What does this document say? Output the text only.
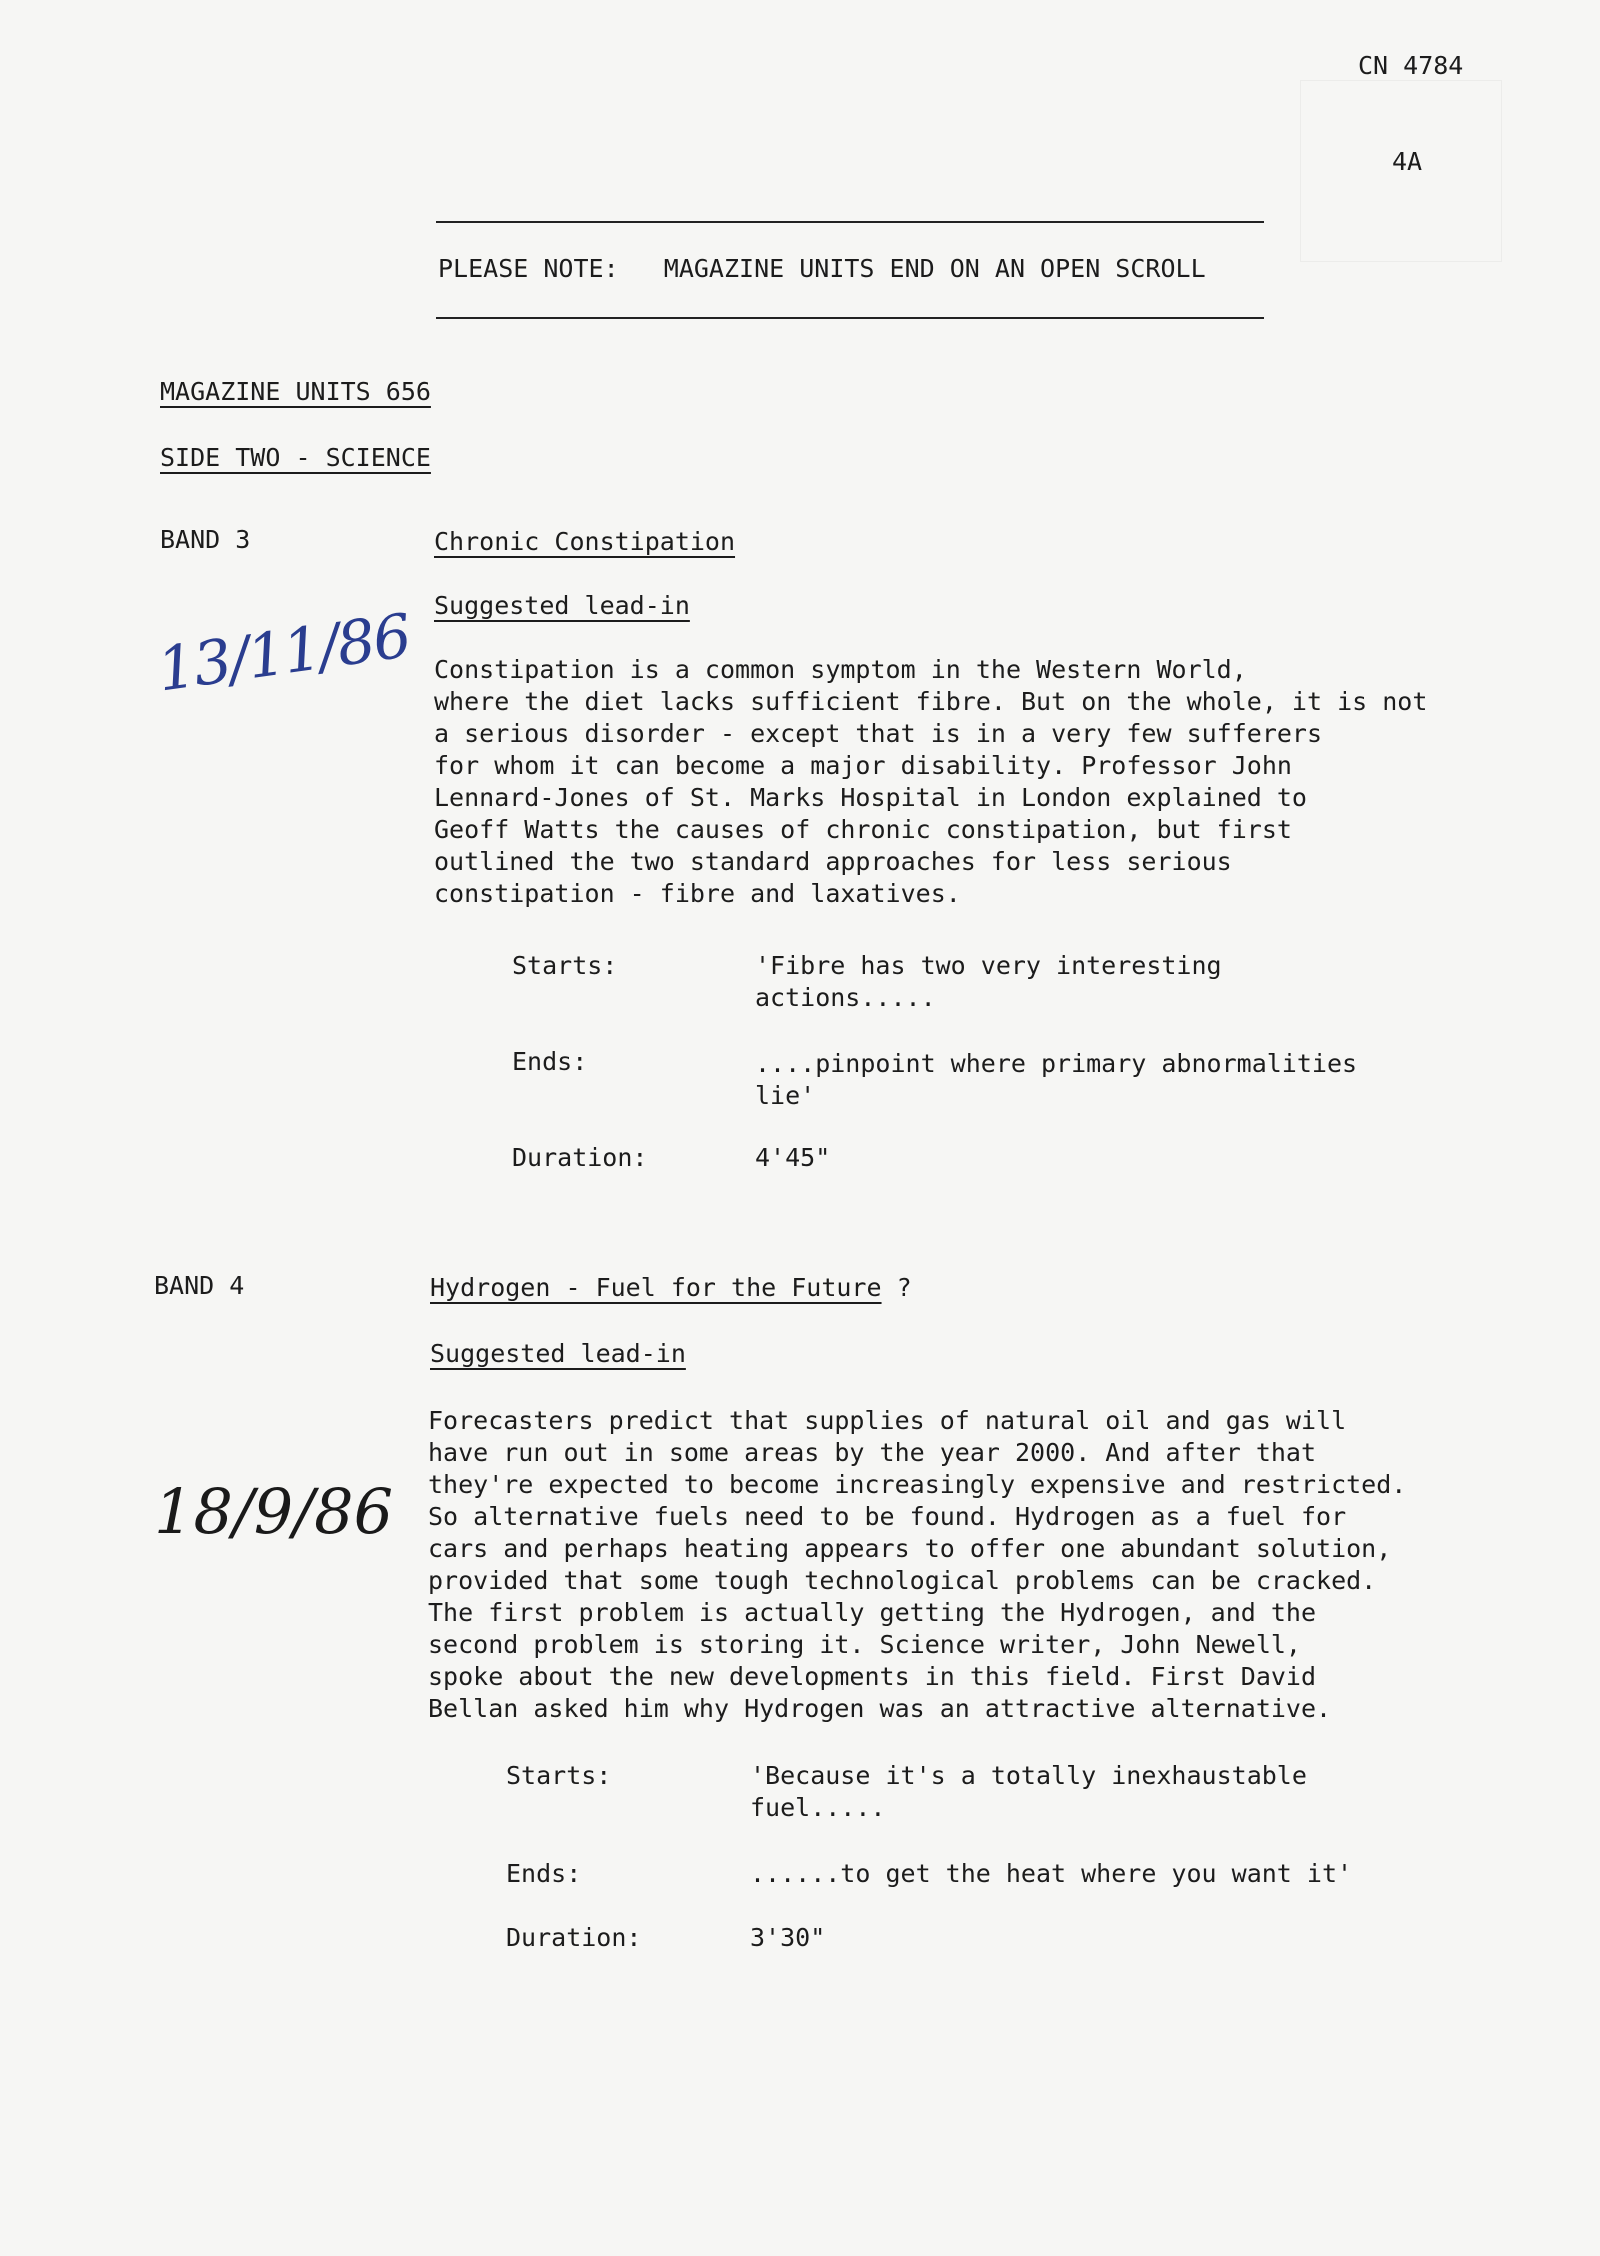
CN 4784
4A
PLEASE NOTE:   MAGAZINE UNITS END ON AN OPEN SCROLL
MAGAZINE UNITS 656
SIDE TWO - SCIENCE
BAND 3	Chronic Constipation
Suggested lead-in
13/11/86 Constipation is a common symptom in the Western World,
where the diet lacks sufficient fibre. But on the whole, it is not
a serious disorder - except that is in a very few sufferers
for whom it can become a major disability. Professor John
Lennard-Jones of St. Marks Hospital in London explained to
Geoff Watts the causes of chronic constipation, but first
outlined the two standard approaches for less serious
constipation - fibre and laxatives.
Starts:	'Fibre has two very interesting
actions.....
Ends:	....pinpoint where primary abnormalities
lie'
Duration:	4'45"
BAND 4	Hydrogen - Fuel for the Future ?
Suggested lead-in
18/9/86
Forecasters predict that supplies of natural oil and gas will
have run out in some areas by the year 2000. And after that
they're expected to become increasingly expensive and restricted.
So alternative fuels need to be found. Hydrogen as a fuel for
cars and perhaps heating appears to offer one abundant solution,
provided that some tough technological problems can be cracked.
The first problem is actually getting the Hydrogen, and the
second problem is storing it. Science writer, John Newell,
spoke about the new developments in this field. First David
Bellan asked him why Hydrogen was an attractive alternative.
Starts:	'Because it's a totally inexhaustable
fuel.....
Ends:	......to get the heat where you want it'
Duration:	3'30"
